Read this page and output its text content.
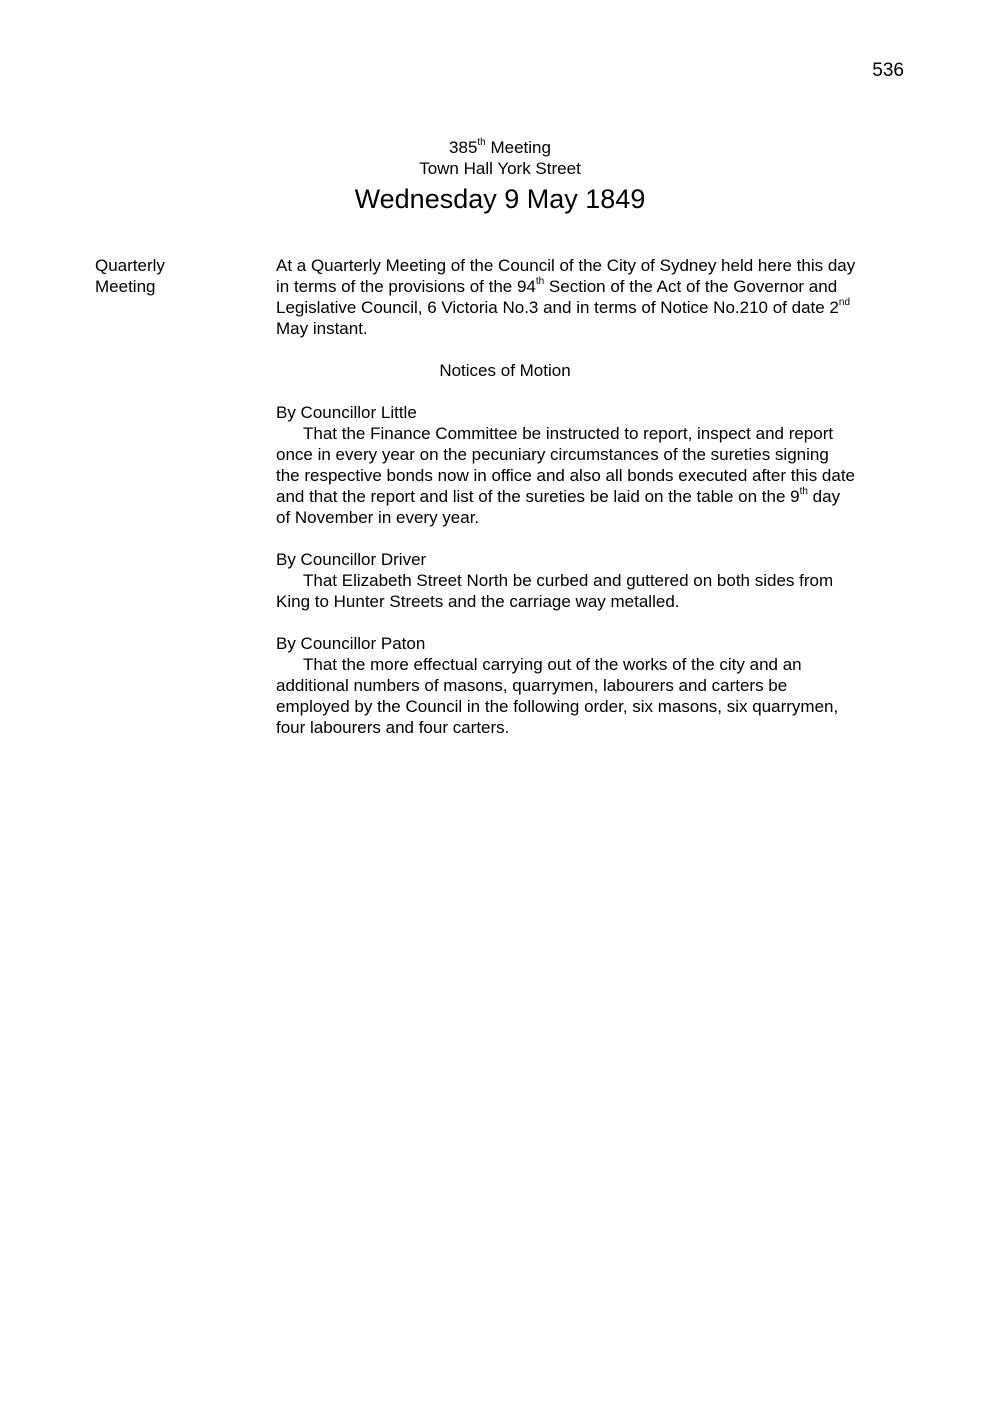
536
385th Meeting
Town Hall York Street
Wednesday 9 May 1849
Quarterly
Meeting

At a Quarterly Meeting of the Council of the City of Sydney held here this day in terms of the provisions of the 94th Section of the Act of the Governor and Legislative Council, 6 Victoria No.3 and in terms of Notice No.210 of date 2nd May instant.

Notices of Motion

By Councillor Little

That the Finance Committee be instructed to report, inspect and report once in every year on the pecuniary circumstances of the sureties signing the respective bonds now in office and also all bonds executed after this date and that the report and list of the sureties be laid on the table on the 9th day of November in every year.

By Councillor Driver

That Elizabeth Street North be curbed and guttered on both sides from King to Hunter Streets and the carriage way metalled.

By Councillor Paton

That the more effectual carrying out of the works of the city and an additional numbers of masons, quarrymen, labourers and carters be employed by the Council in the following order, six masons, six quarrymen, four labourers and four carters.
